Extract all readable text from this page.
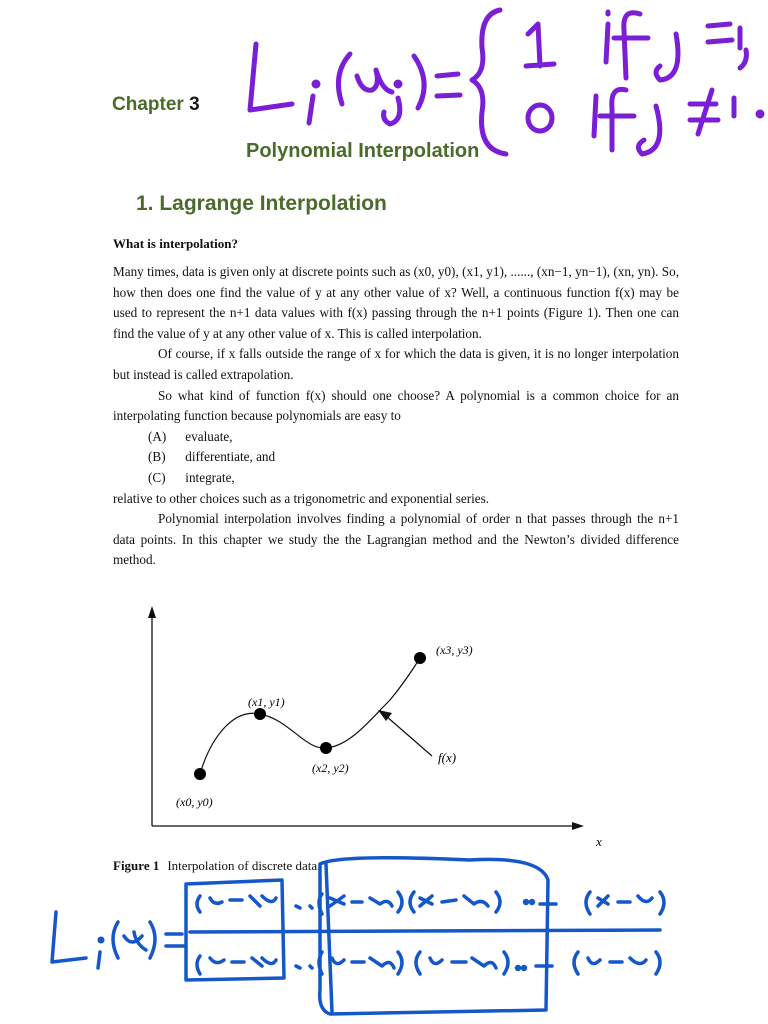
Chapter 3
Polynomial Interpolation
1. Lagrange Interpolation
What is interpolation?

Many times, data is given only at discrete points such as (x0, y0), (x1, y1), ......, (xn−1, yn−1), (xn, yn). So, how then does one find the value of y at any other value of x? Well, a continuous function f(x) may be used to represent the n+1 data values with f(x) passing through the n+1 points (Figure 1). Then one can find the value of y at any other value of x. This is called interpolation.

Of course, if x falls outside the range of x for which the data is given, it is no longer interpolation but instead is called extrapolation.

So what kind of function f(x) should one choose? A polynomial is a common choice for an interpolating function because polynomials are easy to

(A) evaluate,
(B) differentiate, and
(C) integrate,

relative to other choices such as a trigonometric and exponential series.

Polynomial interpolation involves finding a polynomial of order n that passes through the n+1 data points. In this chapter we study the the Lagrangian method and the Newton’s divided difference method.

(x0, y0)
(x1, y1)
(x2, y2)
(x3, y3)
f(x)
x
Figure 1 Interpolation of discrete data.
